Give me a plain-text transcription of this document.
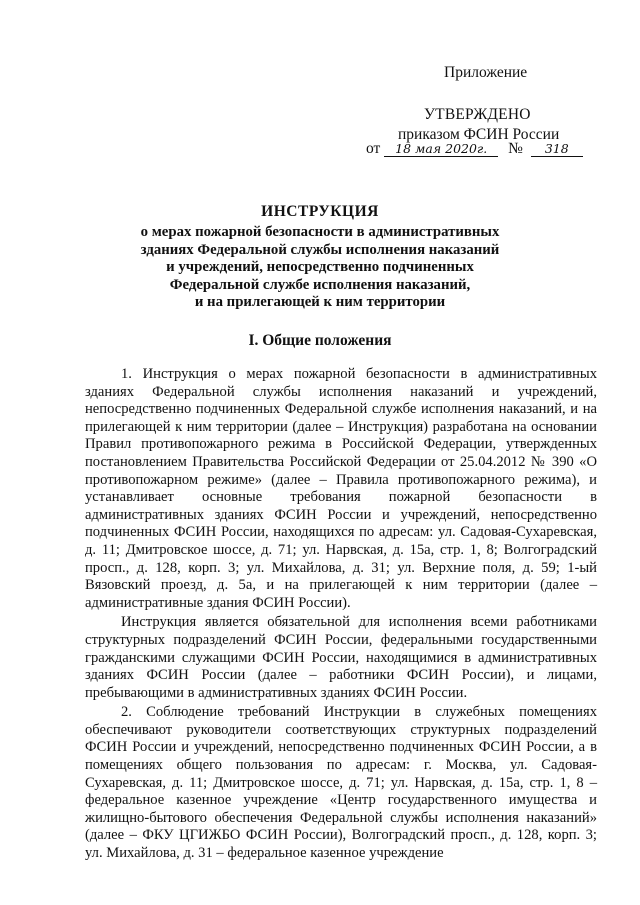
Приложение
УТВЕРЖДЕНО
приказом ФСИН России
от 18 мая 2020г. № 318
ИНСТРУКЦИЯ
о мерах пожарной безопасности в административных
зданиях Федеральной службы исполнения наказаний
и учреждений, непосредственно подчиненных
Федеральной службе исполнения наказаний,
и на прилегающей к ним территории
I. Общие положения

1. Инструкция о мерах пожарной безопасности в административных зданиях Федеральной службы исполнения наказаний и учреждений, непосредственно подчиненных Федеральной службе исполнения наказаний, и на прилегающей к ним территории (далее – Инструкция) разработана на основании Правил противопожарного режима в Российской Федерации, утвержденных постановлением Правительства Российской Федерации от 25.04.2012 № 390 «О противопожарном режиме» (далее – Правила противопожарного режима), и устанавливает основные требования пожарной безопасности в административных зданиях ФСИН России и учреждений, непосредственно подчиненных ФСИН России, находящихся по адресам: ул. Садовая-Сухаревская, д. 11; Дмитровское шоссе, д. 71; ул. Нарвская, д. 15а, стр. 1, 8; Волгоградский просп., д. 128, корп. 3; ул. Михайлова, д. 31; ул. Верхние поля, д. 59; 1-ый Вязовский проезд, д. 5а, и на прилегающей к ним территории (далее – административные здания ФСИН России).

Инструкция является обязательной для исполнения всеми работниками структурных подразделений ФСИН России, федеральными государственными гражданскими служащими ФСИН России, находящимися в административных зданиях ФСИН России (далее – работники ФСИН России), и лицами, пребывающими в административных зданиях ФСИН России.

2. Соблюдение требований Инструкции в служебных помещениях обеспечивают руководители соответствующих структурных подразделений ФСИН России и учреждений, непосредственно подчиненных ФСИН России, а в помещениях общего пользования по адресам: г. Москва, ул. Садовая-Сухаревская, д. 11; Дмитровское шоссе, д. 71; ул. Нарвская, д. 15а, стр. 1, 8 – федеральное казенное учреждение «Центр государственного имущества и жилищно-бытового обеспечения Федеральной службы исполнения наказаний» (далее – ФКУ ЦГИЖБО ФСИН России), Волгоградский просп., д. 128, корп. 3; ул. Михайлова, д. 31 – федеральное казенное учреждение
